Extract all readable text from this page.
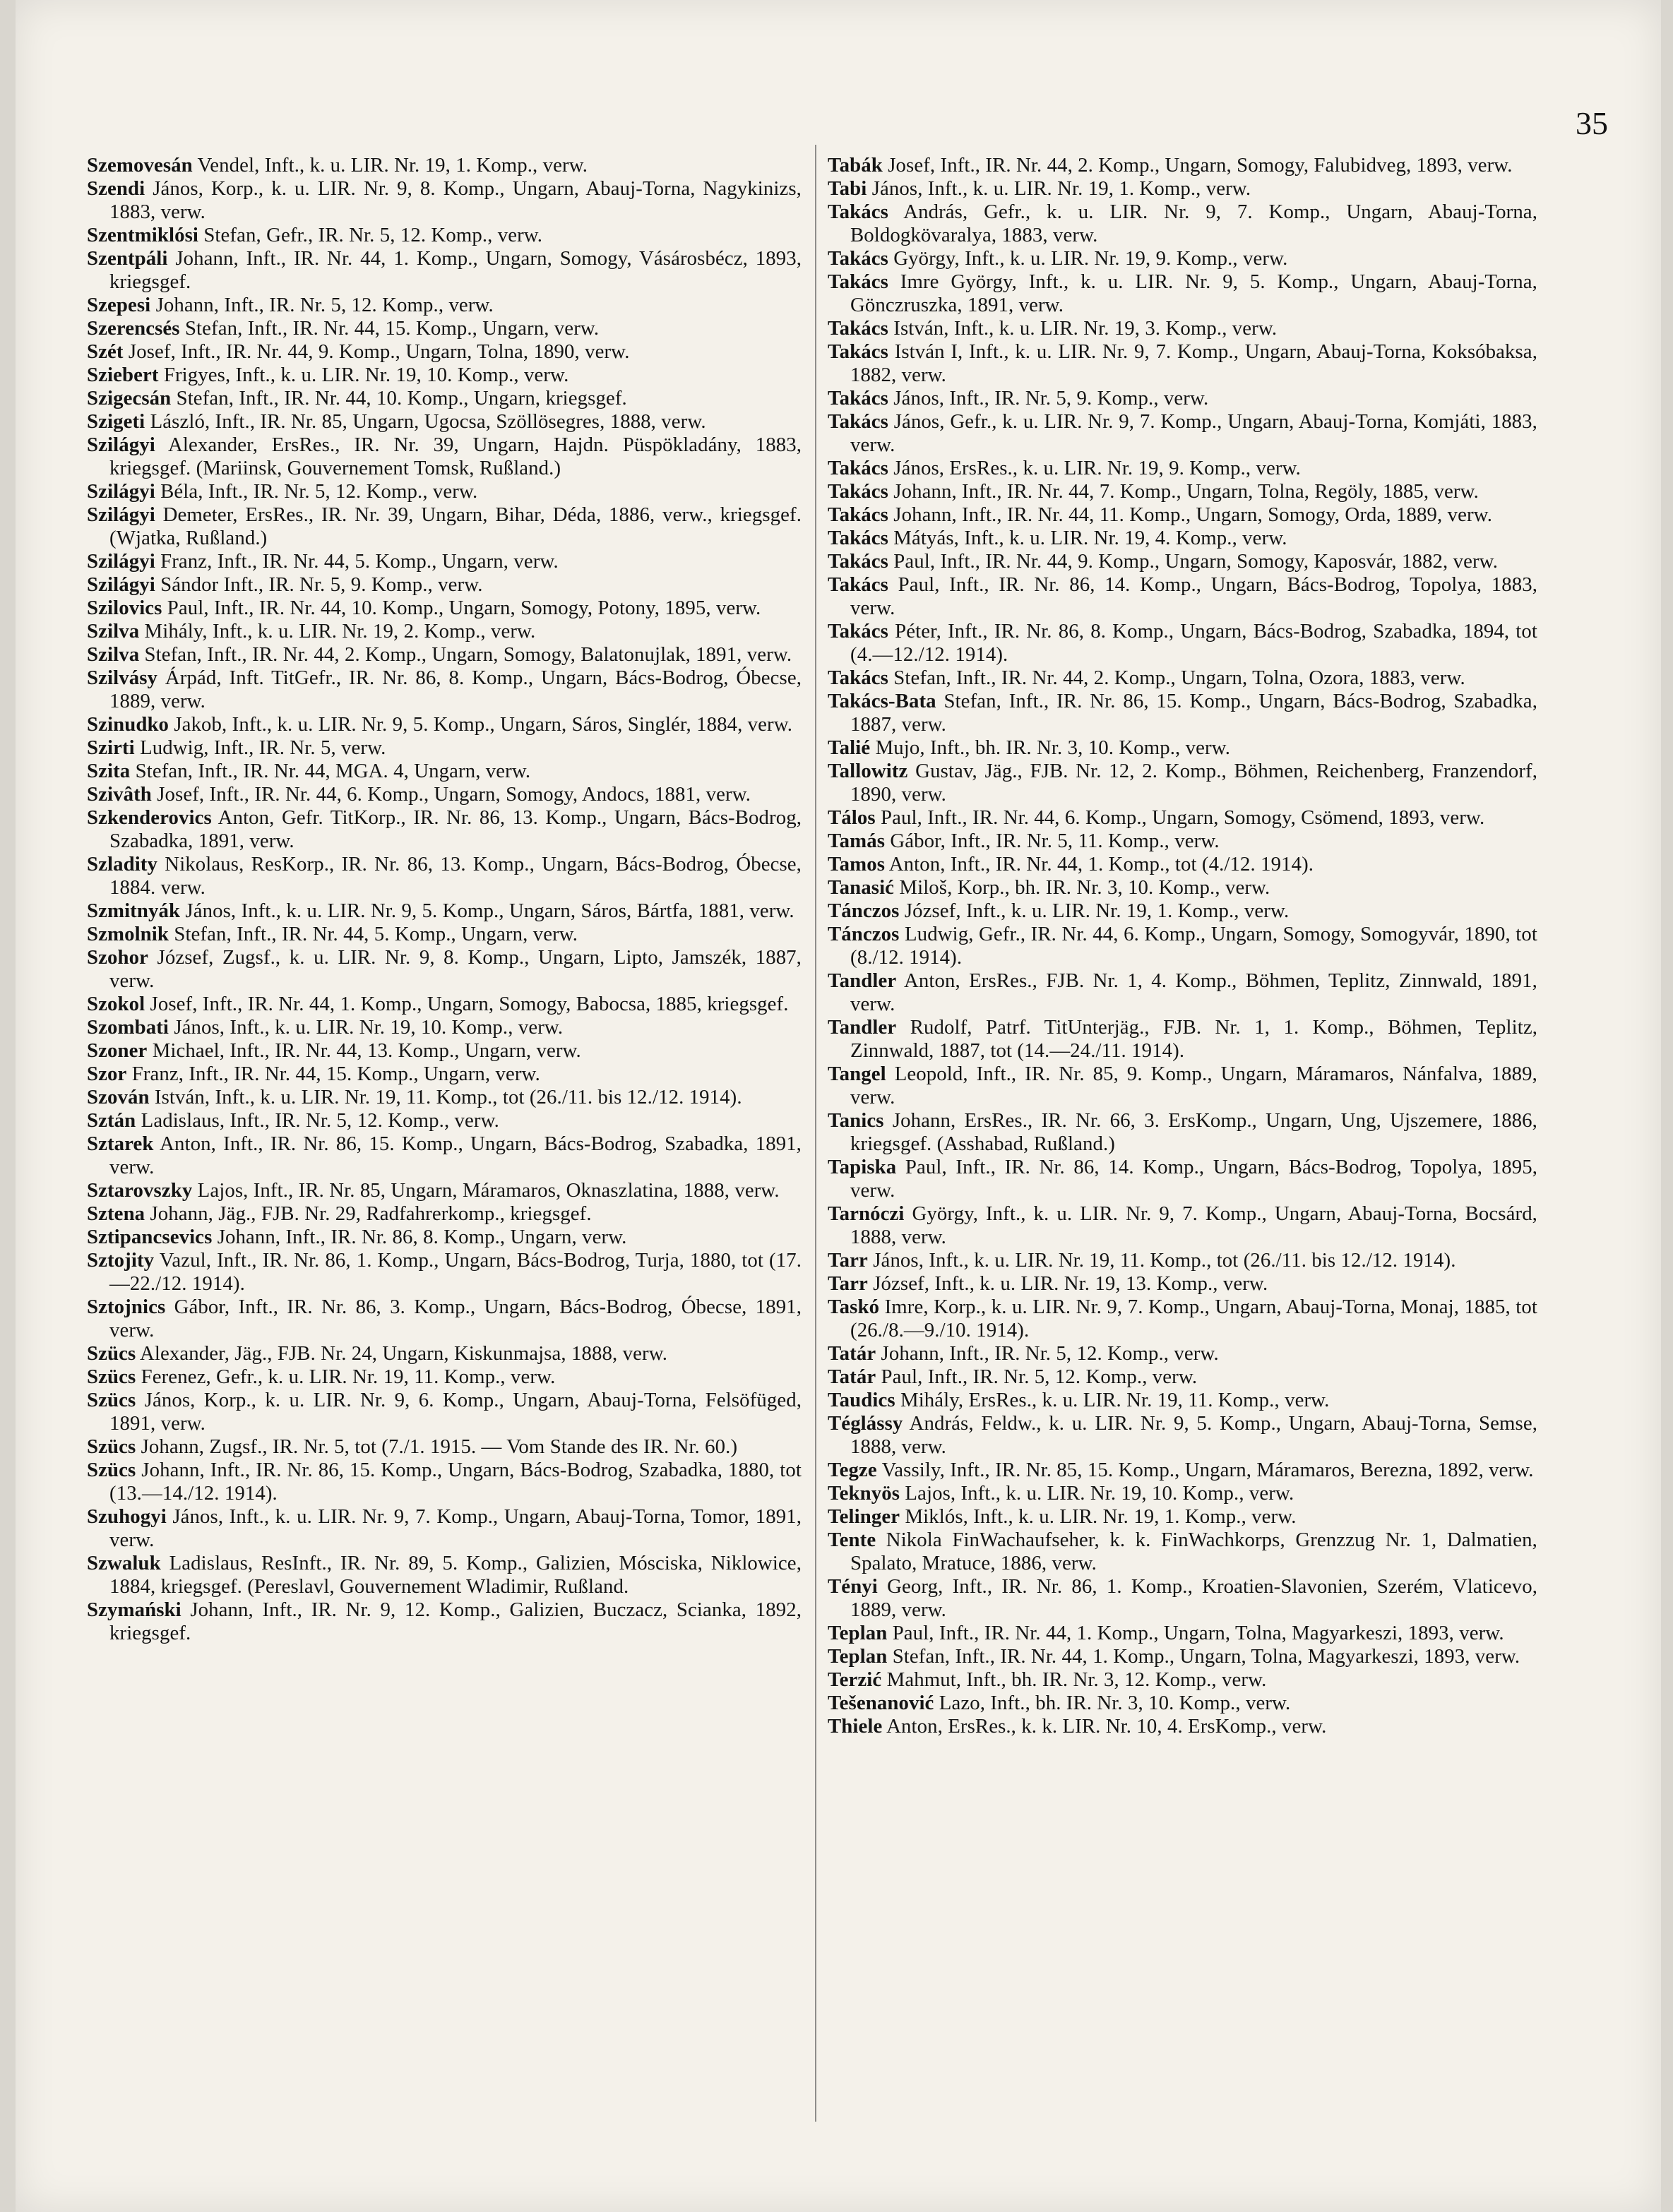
35

Szemovesán Vendel, Inft., k. u. LIR. Nr. 19, 1. Komp., verw.

Szendi János, Korp., k. u. LIR. Nr. 9, 8. Komp., Ungarn, Abauj-Torna, Nagykinizs, 1883, verw.

Szentmiklósi Stefan, Gefr., IR. Nr. 5, 12. Komp., verw.

Szentpáli Johann, Inft., IR. Nr. 44, 1. Komp., Ungarn, Somogy, Vásárosbécz, 1893, kriegsgef.

Szepesi Johann, Inft., IR. Nr. 5, 12. Komp., verw.

Szerencsés Stefan, Inft., IR. Nr. 44, 15. Komp., Ungarn, verw.

Szét Josef, Inft., IR. Nr. 44, 9. Komp., Ungarn, Tolna, 1890, verw.

Sziebert Frigyes, Inft., k. u. LIR. Nr. 19, 10. Komp., verw.

Szigecsán Stefan, Inft., IR. Nr. 44, 10. Komp., Ungarn, kriegsgef.

Szigeti László, Inft., IR. Nr. 85, Ungarn, Ugocsa, Szöllösegres, 1888, verw.

Szilágyi Alexander, ErsRes., IR. Nr. 39, Ungarn, Hajdn. Püspökladány, 1883, kriegsgef. (Mariinsk, Gouvernement Tomsk, Rußland.)

Szilágyi Béla, Inft., IR. Nr. 5, 12. Komp., verw.

Szilágyi Demeter, ErsRes., IR. Nr. 39, Ungarn, Bihar, Déda, 1886, verw., kriegsgef. (Wjatka, Rußland.)

Szilágyi Franz, Inft., IR. Nr. 44, 5. Komp., Ungarn, verw.

Szilágyi Sándor Inft., IR. Nr. 5, 9. Komp., verw.

Szilovics Paul, Inft., IR. Nr. 44, 10. Komp., Ungarn, Somogy, Potony, 1895, verw.

Szilva Mihály, Inft., k. u. LIR. Nr. 19, 2. Komp., verw.

Szilva Stefan, Inft., IR. Nr. 44, 2. Komp., Ungarn, Somogy, Balatonujlak, 1891, verw.

Szilvásy Árpád, Inft. TitGefr., IR. Nr. 86, 8. Komp., Ungarn, Bács-Bodrog, Óbecse, 1889, verw.

Szinudko Jakob, Inft., k. u. LIR. Nr. 9, 5. Komp., Ungarn, Sáros, Singlér, 1884, verw.

Szirti Ludwig, Inft., IR. Nr. 5, verw.

Szita Stefan, Inft., IR. Nr. 44, MGA. 4, Ungarn, verw.

Szivâth Josef, Inft., IR. Nr. 44, 6. Komp., Ungarn, Somogy, Andocs, 1881, verw.

Szkenderovics Anton, Gefr. TitKorp., IR. Nr. 86, 13. Komp., Ungarn, Bács-Bodrog, Szabadka, 1891, verw.

Szladity Nikolaus, ResKorp., IR. Nr. 86, 13. Komp., Ungarn, Bács-Bodrog, Óbecse, 1884. verw.

Szmitnyák János, Inft., k. u. LIR. Nr. 9, 5. Komp., Ungarn, Sáros, Bártfa, 1881, verw.

Szmolnik Stefan, Inft., IR. Nr. 44, 5. Komp., Ungarn, verw.

Szohor József, Zugsf., k. u. LIR. Nr. 9, 8. Komp., Ungarn, Lipto, Jamszék, 1887, verw.

Szokol Josef, Inft., IR. Nr. 44, 1. Komp., Ungarn, Somogy, Babocsa, 1885, kriegsgef.

Szombati János, Inft., k. u. LIR. Nr. 19, 10. Komp., verw.

Szoner Michael, Inft., IR. Nr. 44, 13. Komp., Ungarn, verw.

Szor Franz, Inft., IR. Nr. 44, 15. Komp., Ungarn, verw.

Szován István, Inft., k. u. LIR. Nr. 19, 11. Komp., tot (26./11. bis 12./12. 1914).

Sztán Ladislaus, Inft., IR. Nr. 5, 12. Komp., verw.

Sztarek Anton, Inft., IR. Nr. 86, 15. Komp., Ungarn, Bács-Bodrog, Szabadka, 1891, verw.

Sztarovszky Lajos, Inft., IR. Nr. 85, Ungarn, Máramaros, Oknaszlatina, 1888, verw.

Sztena Johann, Jäg., FJB. Nr. 29, Radfahrerkomp., kriegsgef.

Sztipancsevics Johann, Inft., IR. Nr. 86, 8. Komp., Ungarn, verw.

Sztojity Vazul, Inft., IR. Nr. 86, 1. Komp., Ungarn, Bács-Bodrog, Turja, 1880, tot (17.—22./12. 1914).

Sztojnics Gábor, Inft., IR. Nr. 86, 3. Komp., Ungarn, Bács-Bodrog, Óbecse, 1891, verw.

Szücs Alexander, Jäg., FJB. Nr. 24, Ungarn, Kiskunmajsa, 1888, verw.

Szücs Ferenez, Gefr., k. u. LIR. Nr. 19, 11. Komp., verw.

Szücs János, Korp., k. u. LIR. Nr. 9, 6. Komp., Ungarn, Abauj-Torna, Felsöfüged, 1891, verw.

Szücs Johann, Zugsf., IR. Nr. 5, tot (7./1. 1915. — Vom Stande des IR. Nr. 60.)

Szücs Johann, Inft., IR. Nr. 86, 15. Komp., Ungarn, Bács-Bodrog, Szabadka, 1880, tot (13.—14./12. 1914).

Szuhogyi János, Inft., k. u. LIR. Nr. 9, 7. Komp., Ungarn, Abauj-Torna, Tomor, 1891, verw.

Szwaluk Ladislaus, ResInft., IR. Nr. 89, 5. Komp., Galizien, Mósciska, Niklowice, 1884, kriegsgef. (Pereslavl, Gouvernement Wladimir, Rußland.

Szymański Johann, Inft., IR. Nr. 9, 12. Komp., Galizien, Buczacz, Scianka, 1892, kriegsgef.

Tabák Josef, Inft., IR. Nr. 44, 2. Komp., Ungarn, Somogy, Falubidveg, 1893, verw.

Tabi János, Inft., k. u. LIR. Nr. 19, 1. Komp., verw.

Takács András, Gefr., k. u. LIR. Nr. 9, 7. Komp., Ungarn, Abauj-Torna, Boldogkövaralya, 1883, verw.

Takács György, Inft., k. u. LIR. Nr. 19, 9. Komp., verw.

Takács Imre György, Inft., k. u. LIR. Nr. 9, 5. Komp., Ungarn, Abauj-Torna, Gönczruszka, 1891, verw.

Takács István, Inft., k. u. LIR. Nr. 19, 3. Komp., verw.

Takács István I, Inft., k. u. LIR. Nr. 9, 7. Komp., Ungarn, Abauj-Torna, Koksóbaksa, 1882, verw.

Takács János, Inft., IR. Nr. 5, 9. Komp., verw.

Takács János, Gefr., k. u. LIR. Nr. 9, 7. Komp., Ungarn, Abauj-Torna, Komjáti, 1883, verw.

Takács János, ErsRes., k. u. LIR. Nr. 19, 9. Komp., verw.

Takács Johann, Inft., IR. Nr. 44, 7. Komp., Ungarn, Tolna, Regöly, 1885, verw.

Takács Johann, Inft., IR. Nr. 44, 11. Komp., Ungarn, Somogy, Orda, 1889, verw.

Takács Mátyás, Inft., k. u. LIR. Nr. 19, 4. Komp., verw.

Takács Paul, Inft., IR. Nr. 44, 9. Komp., Ungarn, Somogy, Kaposvár, 1882, verw.

Takács Paul, Inft., IR. Nr. 86, 14. Komp., Ungarn, Bács-Bodrog, Topolya, 1883, verw.

Takács Péter, Inft., IR. Nr. 86, 8. Komp., Ungarn, Bács-Bodrog, Szabadka, 1894, tot (4.—12./12. 1914).

Takács Stefan, Inft., IR. Nr. 44, 2. Komp., Ungarn, Tolna, Ozora, 1883, verw.

Takács-Bata Stefan, Inft., IR. Nr. 86, 15. Komp., Ungarn, Bács-Bodrog, Szabadka, 1887, verw.

Talié Mujo, Inft., bh. IR. Nr. 3, 10. Komp., verw.

Tallowitz Gustav, Jäg., FJB. Nr. 12, 2. Komp., Böhmen, Reichenberg, Franzendorf, 1890, verw.

Tálos Paul, Inft., IR. Nr. 44, 6. Komp., Ungarn, Somogy, Csömend, 1893, verw.

Tamás Gábor, Inft., IR. Nr. 5, 11. Komp., verw.

Tamos Anton, Inft., IR. Nr. 44, 1. Komp., tot (4./12. 1914).

Tanasić Miloš, Korp., bh. IR. Nr. 3, 10. Komp., verw.

Tánczos József, Inft., k. u. LIR. Nr. 19, 1. Komp., verw.

Tánczos Ludwig, Gefr., IR. Nr. 44, 6. Komp., Ungarn, Somogy, Somogyvár, 1890, tot (8./12. 1914).

Tandler Anton, ErsRes., FJB. Nr. 1, 4. Komp., Böhmen, Teplitz, Zinnwald, 1891, verw.

Tandler Rudolf, Patrf. TitUnterjäg., FJB. Nr. 1, 1. Komp., Böhmen, Teplitz, Zinnwald, 1887, tot (14.—24./11. 1914).

Tangel Leopold, Inft., IR. Nr. 85, 9. Komp., Ungarn, Máramaros, Nánfalva, 1889, verw.

Tanics Johann, ErsRes., IR. Nr. 66, 3. ErsKomp., Ungarn, Ung, Ujszemere, 1886, kriegsgef. (Asshabad, Rußland.)

Tapiska Paul, Inft., IR. Nr. 86, 14. Komp., Ungarn, Bács-Bodrog, Topolya, 1895, verw.

Tarnóczi György, Inft., k. u. LIR. Nr. 9, 7. Komp., Ungarn, Abauj-Torna, Bocsárd, 1888, verw.

Tarr János, Inft., k. u. LIR. Nr. 19, 11. Komp., tot (26./11. bis 12./12. 1914).

Tarr József, Inft., k. u. LIR. Nr. 19, 13. Komp., verw.

Taskó Imre, Korp., k. u. LIR. Nr. 9, 7. Komp., Ungarn, Abauj-Torna, Monaj, 1885, tot (26./8.—9./10. 1914).

Tatár Johann, Inft., IR. Nr. 5, 12. Komp., verw.

Tatár Paul, Inft., IR. Nr. 5, 12. Komp., verw.

Taudics Mihály, ErsRes., k. u. LIR. Nr. 19, 11. Komp., verw.

Téglássy András, Feldw., k. u. LIR. Nr. 9, 5. Komp., Ungarn, Abauj-Torna, Semse, 1888, verw.

Tegze Vassily, Inft., IR. Nr. 85, 15. Komp., Ungarn, Máramaros, Berezna, 1892, verw.

Teknyös Lajos, Inft., k. u. LIR. Nr. 19, 10. Komp., verw.

Telinger Miklós, Inft., k. u. LIR. Nr. 19, 1. Komp., verw.

Tente Nikola FinWachaufseher, k. k. FinWachkorps, Grenzzug Nr. 1, Dalmatien, Spalato, Mratuce, 1886, verw.

Tényi Georg, Inft., IR. Nr. 86, 1. Komp., Kroatien-Slavonien, Szerém, Vlaticevo, 1889, verw.

Teplan Paul, Inft., IR. Nr. 44, 1. Komp., Ungarn, Tolna, Magyarkeszi, 1893, verw.

Teplan Stefan, Inft., IR. Nr. 44, 1. Komp., Ungarn, Tolna, Magyarkeszi, 1893, verw.

Terzić Mahmut, Inft., bh. IR. Nr. 3, 12. Komp., verw.

Tešenanović Lazo, Inft., bh. IR. Nr. 3, 10. Komp., verw.

Thiele Anton, ErsRes., k. k. LIR. Nr. 10, 4. ErsKomp., verw.
